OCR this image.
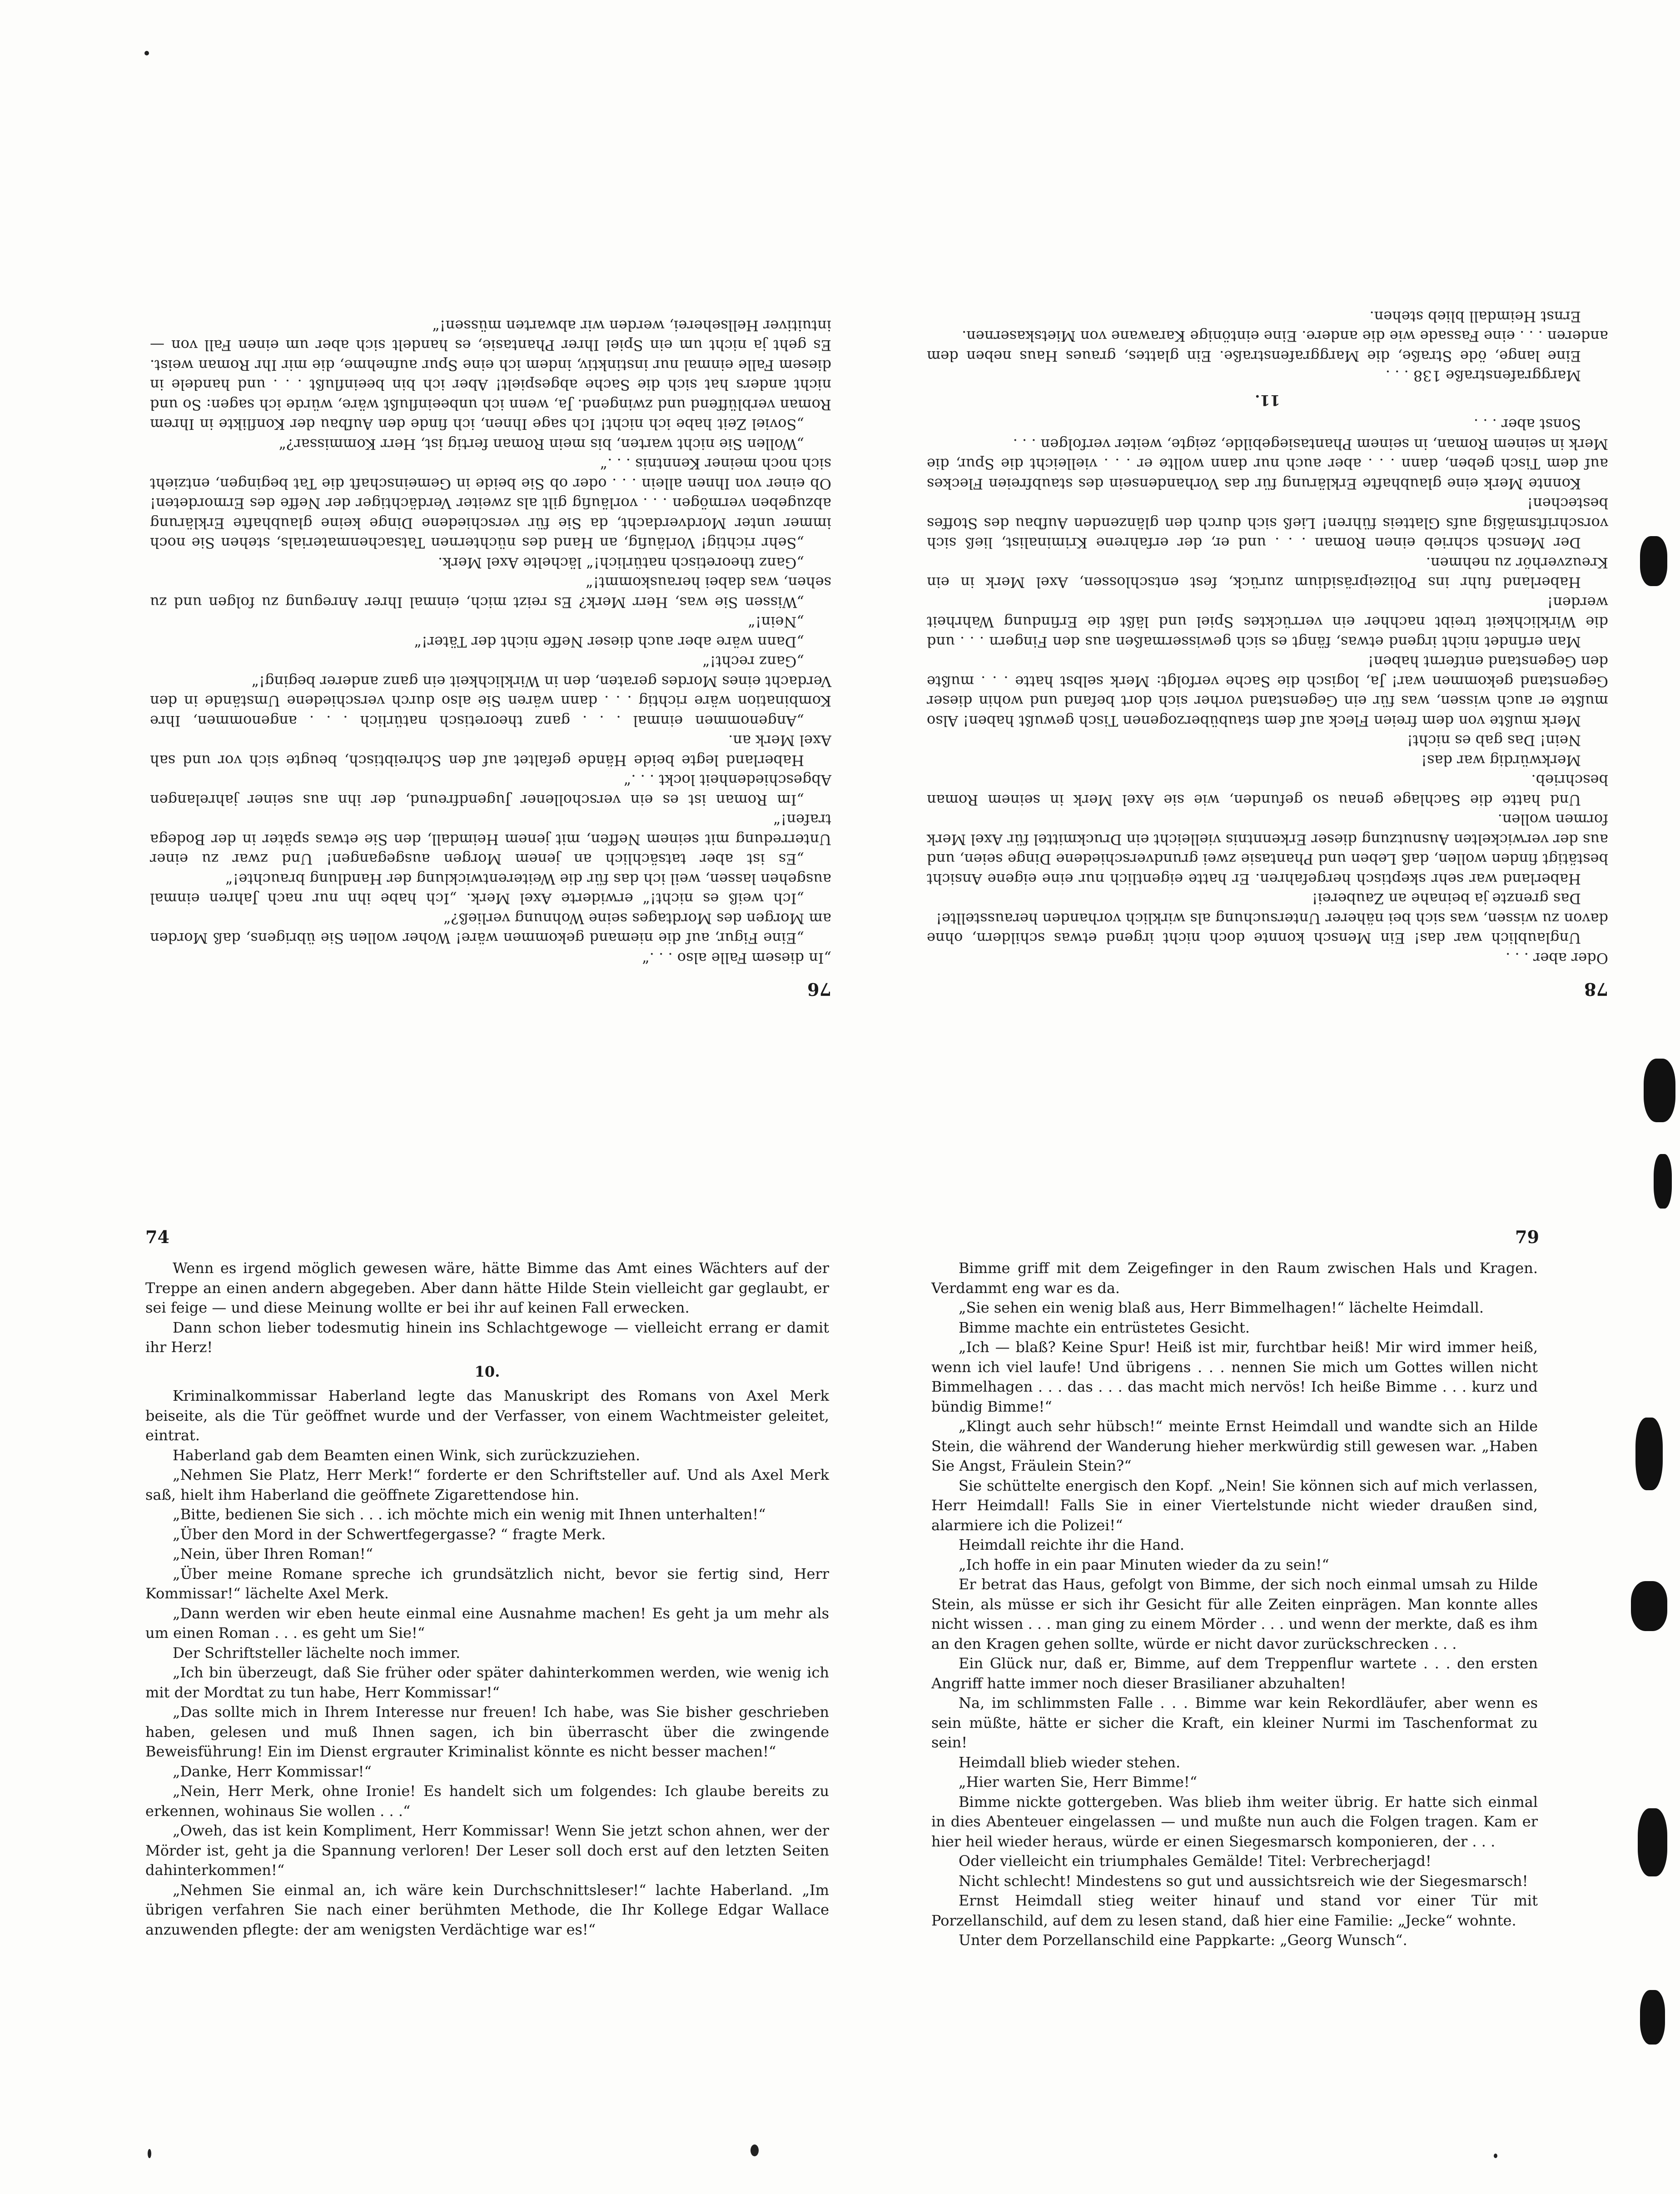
76

„In diesem Falle also . . .“

„Eine Figur, auf die niemand gekommen wäre! Woher wollen Sie übrigens, daß Morden am Morgen des Mordtages seine Wohnung verließ?“

„Ich weiß es nicht!“ erwiderte Axel Merk. „Ich habe ihn nur nach Jahren einmal ausgehen lassen, weil ich das für die Weiterentwicklung der Handlung brauchte!“

„Es ist aber tatsächlich an jenem Morgen ausgegangen! Und zwar zu einer Unterredung mit seinem Neffen, mit jenem Heimdall, den Sie etwas später in der Bodega trafen!“

„Im Roman ist es ein verschollener Jugendfreund, der ihn aus seiner jahrelangen Abgeschiedenheit lockt . . .“

Haberland legte beide Hände gefaltet auf den Schreibtisch, beugte sich vor und sah Axel Merk an.

„Angenommen einmal . . . ganz theoretisch natürlich . . . angenommen, Ihre Kombination wäre richtig . . . dann wären Sie also durch verschiedene Umstände in den Verdacht eines Mordes geraten, den in Wirklichkeit ein ganz anderer beging!“

„Ganz recht!“

„Dann wäre aber auch dieser Neffe nicht der Täter!“

„Nein!“

„Wissen Sie was, Herr Merk? Es reizt mich, einmal Ihrer Anregung zu folgen und zu sehen, was dabei herauskommt!“

„Ganz theoretisch natürlich!“ lächelte Axel Merk.

„Sehr richtig! Vorläufig, an Hand des nüchternen Tatsachenmaterials, stehen Sie noch immer unter Mordverdacht, da Sie für verschiedene Dinge keine glaubhafte Erklärung abzugeben vermögen . . . vorläufig gilt als zweiter Verdächtiger der Neffe des Ermordeten! Ob einer von Ihnen allein . . . oder ob Sie beide in Gemeinschaft die Tat begingen, entzieht sich noch meiner Kenntnis . . .“

„Wollen Sie nicht warten, bis mein Roman fertig ist, Herr Kommissar?“

„Soviel Zeit habe ich nicht! Ich sage Ihnen, ich finde den Aufbau der Konflikte in Ihrem Roman verblüffend und zwingend. Ja, wenn ich unbeeinflußt wäre, würde ich sagen: So und nicht anders hat sich die Sache abgespielt! Aber ich bin beeinflußt . . . und handele in diesem Falle einmal nur instinktiv, indem ich eine Spur aufnehme, die mir Ihr Roman weist. Es geht ja nicht um ein Spiel Ihrer Phantasie, es handelt sich aber um einen Fall von — intuitiver Hellseherei, werden wir abwarten müssen!“

78

Oder aber . . .

Unglaublich war das! Ein Mensch konnte doch nicht irgend etwas schildern, ohne davon zu wissen, was sich bei näherer Untersuchung als wirklich vorhanden herausstellte!

Das grenzte ja beinahe an Zauberei!

Haberland war sehr skeptisch hergefahren. Er hatte eigentlich nur eine eigene Ansicht bestätigt finden wollen, daß Leben und Phantasie zwei grundverschiedene Dinge seien, und aus der verwickelten Ausnutzung dieser Erkenntnis vielleicht ein Druckmittel für Axel Merk formen wollen.

Und hatte die Sachlage genau so gefunden, wie sie Axel Merk in seinem Roman beschrieb.

Merkwürdig war das!

Nein! Das gab es nicht!

Merk mußte von dem freien Fleck auf dem staubüberzogenen Tisch gewußt haben! Also mußte er auch wissen, was für ein Gegenstand vorher sich dort befand und wohin dieser Gegenstand gekommen war! Ja, logisch die Sache verfolgt: Merk selbst hatte . . . mußte den Gegenstand entfernt haben!

Man erfindet nicht irgend etwas, fängt es sich gewissermaßen aus den Fingern . . . und die Wirklichkeit treibt nachher ein verrücktes Spiel und läßt die Erfindung Wahrheit werden!

Haberland fuhr ins Polizeipräsidium zurück, fest entschlossen, Axel Merk in ein Kreuzverhör zu nehmen.

Der Mensch schrieb einen Roman . . . und er, der erfahrene Kriminalist, ließ sich vorschriftsmäßig aufs Glatteis führen! Ließ sich durch den glänzenden Aufbau des Stoffes bestechen!

Konnte Merk eine glaubhafte Erklärung für das Vorhandensein des staubfreien Fleckes auf dem Tisch geben, dann . . . aber auch nur dann wollte er . . . vielleicht die Spur, die Merk in seinem Roman, in seinem Phantasiegebilde, zeigte, weiter verfolgen . . .

Sonst aber . . .

11.

Marggrafenstraße 138 . . .

Eine lange, öde Straße, die Marggrafenstraße. Ein glattes, graues Haus neben dem anderen . . . eine Fassade wie die andere. Eine eintönige Karawane von Mietskasernen.

Ernst Heimdall blieb stehen.

74

Wenn es irgend möglich gewesen wäre, hätte Bimme das Amt eines Wächters auf der Treppe an einen andern abgegeben. Aber dann hätte Hilde Stein vielleicht gar geglaubt, er sei feige — und diese Meinung wollte er bei ihr auf keinen Fall erwecken.

Dann schon lieber todesmutig hinein ins Schlachtgewoge — vielleicht errang er damit ihr Herz!

10.

Kriminalkommissar Haberland legte das Manuskript des Romans von Axel Merk beiseite, als die Tür geöffnet wurde und der Verfasser, von einem Wachtmeister geleitet, eintrat.

Haberland gab dem Beamten einen Wink, sich zurückzuziehen.

„Nehmen Sie Platz, Herr Merk!“ forderte er den Schriftsteller auf. Und als Axel Merk saß, hielt ihm Haberland die geöffnete Zigarettendose hin.

„Bitte, bedienen Sie sich . . . ich möchte mich ein wenig mit Ihnen unterhalten!“

„Über den Mord in der Schwertfegergasse? “ fragte Merk.

„Nein, über Ihren Roman!“

„Über meine Romane spreche ich grundsätzlich nicht, bevor sie fertig sind, Herr Kommissar!“ lächelte Axel Merk.

„Dann werden wir eben heute einmal eine Ausnahme machen! Es geht ja um mehr als um einen Roman . . . es geht um Sie!“

Der Schriftsteller lächelte noch immer.

„Ich bin überzeugt, daß Sie früher oder später dahinterkommen werden, wie wenig ich mit der Mordtat zu tun habe, Herr Kommissar!“

„Das sollte mich in Ihrem Interesse nur freuen! Ich habe, was Sie bisher geschrieben haben, gelesen und muß Ihnen sagen, ich bin überrascht über die zwingende Beweisführung! Ein im Dienst ergrauter Kriminalist könnte es nicht besser machen!“

„Danke, Herr Kommissar!“

„Nein, Herr Merk, ohne Ironie! Es handelt sich um folgendes: Ich glaube bereits zu erkennen, wohinaus Sie wollen . . .“

„Oweh, das ist kein Kompliment, Herr Kommissar! Wenn Sie jetzt schon ahnen, wer der Mörder ist, geht ja die Spannung verloren! Der Leser soll doch erst auf den letzten Seiten dahinterkommen!“

„Nehmen Sie einmal an, ich wäre kein Durchschnittsleser!“ lachte Haberland. „Im übrigen verfahren Sie nach einer berühmten Methode, die Ihr Kollege Edgar Wallace anzuwenden pflegte: der am wenigsten Verdächtige war es!“

79

Bimme griff mit dem Zeigefinger in den Raum zwischen Hals und Kragen. Verdammt eng war es da.

„Sie sehen ein wenig blaß aus, Herr Bimmelhagen!“ lächelte Heimdall.

Bimme machte ein entrüstetes Gesicht.

„Ich — blaß? Keine Spur! Heiß ist mir, furchtbar heiß! Mir wird immer heiß, wenn ich viel laufe! Und übrigens . . . nennen Sie mich um Gottes willen nicht Bimmelhagen . . . das . . . das macht mich nervös! Ich heiße Bimme . . . kurz und bündig Bimme!“

„Klingt auch sehr hübsch!“ meinte Ernst Heimdall und wandte sich an Hilde Stein, die während der Wanderung hieher merkwürdig still gewesen war. „Haben Sie Angst, Fräulein Stein?“

Sie schüttelte energisch den Kopf. „Nein! Sie können sich auf mich verlassen, Herr Heimdall! Falls Sie in einer Viertelstunde nicht wieder draußen sind, alarmiere ich die Polizei!“

Heimdall reichte ihr die Hand.

„Ich hoffe in ein paar Minuten wieder da zu sein!“

Er betrat das Haus, gefolgt von Bimme, der sich noch einmal umsah zu Hilde Stein, als müsse er sich ihr Gesicht für alle Zeiten einprägen. Man konnte alles nicht wissen . . . man ging zu einem Mörder . . . und wenn der merkte, daß es ihm an den Kragen gehen sollte, würde er nicht davor zurückschrecken . . .

Ein Glück nur, daß er, Bimme, auf dem Treppenflur wartete . . . den ersten Angriff hatte immer noch dieser Brasilianer abzuhalten!

Na, im schlimmsten Falle . . . Bimme war kein Rekordläufer, aber wenn es sein müßte, hätte er sicher die Kraft, ein kleiner Nurmi im Taschenformat zu sein!

Heimdall blieb wieder stehen.

„Hier warten Sie, Herr Bimme!“

Bimme nickte gottergeben. Was blieb ihm weiter übrig. Er hatte sich einmal in dies Abenteuer eingelassen — und mußte nun auch die Folgen tragen. Kam er hier heil wieder heraus, würde er einen Siegesmarsch komponieren, der . . .

Oder vielleicht ein triumphales Gemälde! Titel: Verbrecherjagd!

Nicht schlecht! Mindestens so gut und aussichtsreich wie der Siegesmarsch!

Ernst Heimdall stieg weiter hinauf und stand vor einer Tür mit Porzellanschild, auf dem zu lesen stand, daß hier eine Familie: „Jecke“ wohnte.

Unter dem Porzellanschild eine Pappkarte: „Georg Wunsch“.
